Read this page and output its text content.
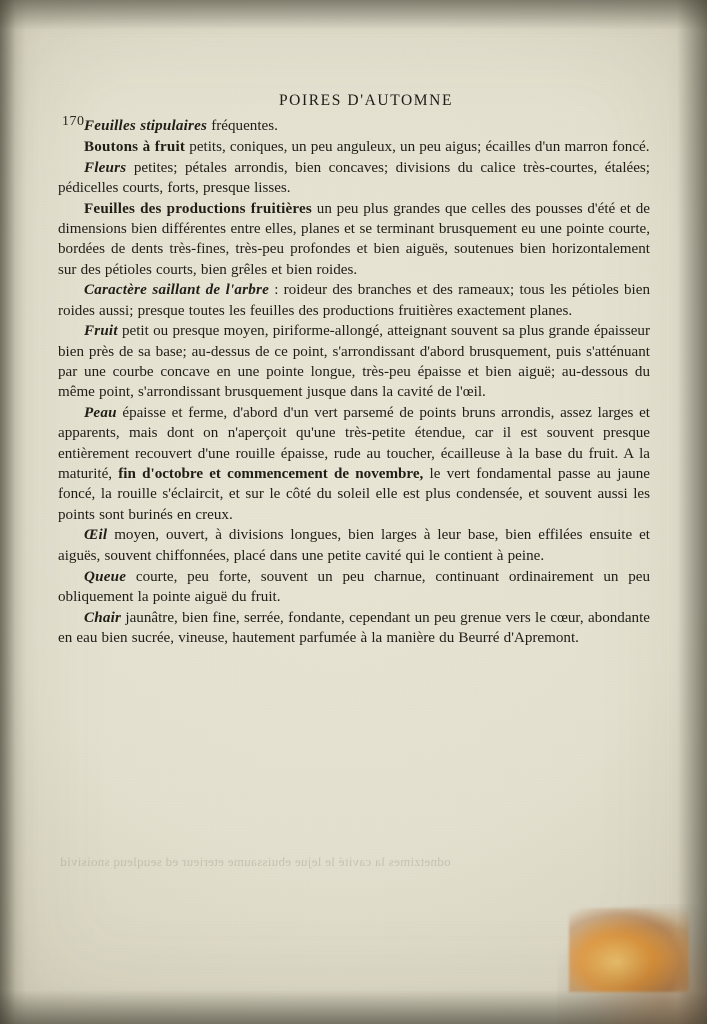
170
POIRES D'AUTOMNE

Feuilles stipulaires fréquentes.

Boutons à fruit petits, coniques, un peu anguleux, un peu aigus; écailles d'un marron foncé.

Fleurs petites; pétales arrondis, bien concaves; divisions du calice très-courtes, étalées; pédicelles courts, forts, presque lisses.

Feuilles des productions fruitières un peu plus grandes que celles des pousses d'été et de dimensions bien différentes entre elles, planes et se terminant brusquement eu une pointe courte, bordées de dents très-fines, très-peu profondes et bien aiguës, soutenues bien horizontalement sur des pétioles courts, bien grêles et bien roides.

Caractère saillant de l'arbre : roideur des branches et des rameaux; tous les pétioles bien roides aussi; presque toutes les feuilles des productions fruitières exactement planes.

Fruit petit ou presque moyen, piriforme-allongé, atteignant souvent sa plus grande épaisseur bien près de sa base; au-dessus de ce point, s'arrondissant d'abord brusquement, puis s'atténuant par une courbe concave en une pointe longue, très-peu épaisse et bien aiguë; au-dessous du même point, s'arrondissant brusquement jusque dans la cavité de l'œil.

Peau épaisse et ferme, d'abord d'un vert parsemé de points bruns arrondis, assez larges et apparents, mais dont on n'aperçoit qu'une très-petite étendue, car il est souvent presque entièrement recouvert d'une rouille épaisse, rude au toucher, écailleuse à la base du fruit. A la maturité, fin d'octobre et commencement de novembre, le vert fondamental passe au jaune foncé, la rouille s'éclaircit, et sur le côté du soleil elle est plus condensée, et souvent aussi les points sont burinés en creux.

Œil moyen, ouvert, à divisions longues, bien larges à leur base, bien effilées ensuite et aiguës, souvent chiffonnées, placé dans une petite cavité qui le contient à peine.

Queue courte, peu forte, souvent un peu charnue, continuant ordinairement un peu obliquement la pointe aiguë du fruit.

Chair jaunâtre, bien fine, serrée, fondante, cependant un peu grenue vers le cœur, abondante en eau bien sucrée, vineuse, hautement parfumée à la manière du Beurré d'Apremont.

odnetzimes la cavité le lejue ebuissaume eterieur ed seuqleuq snoisivid
